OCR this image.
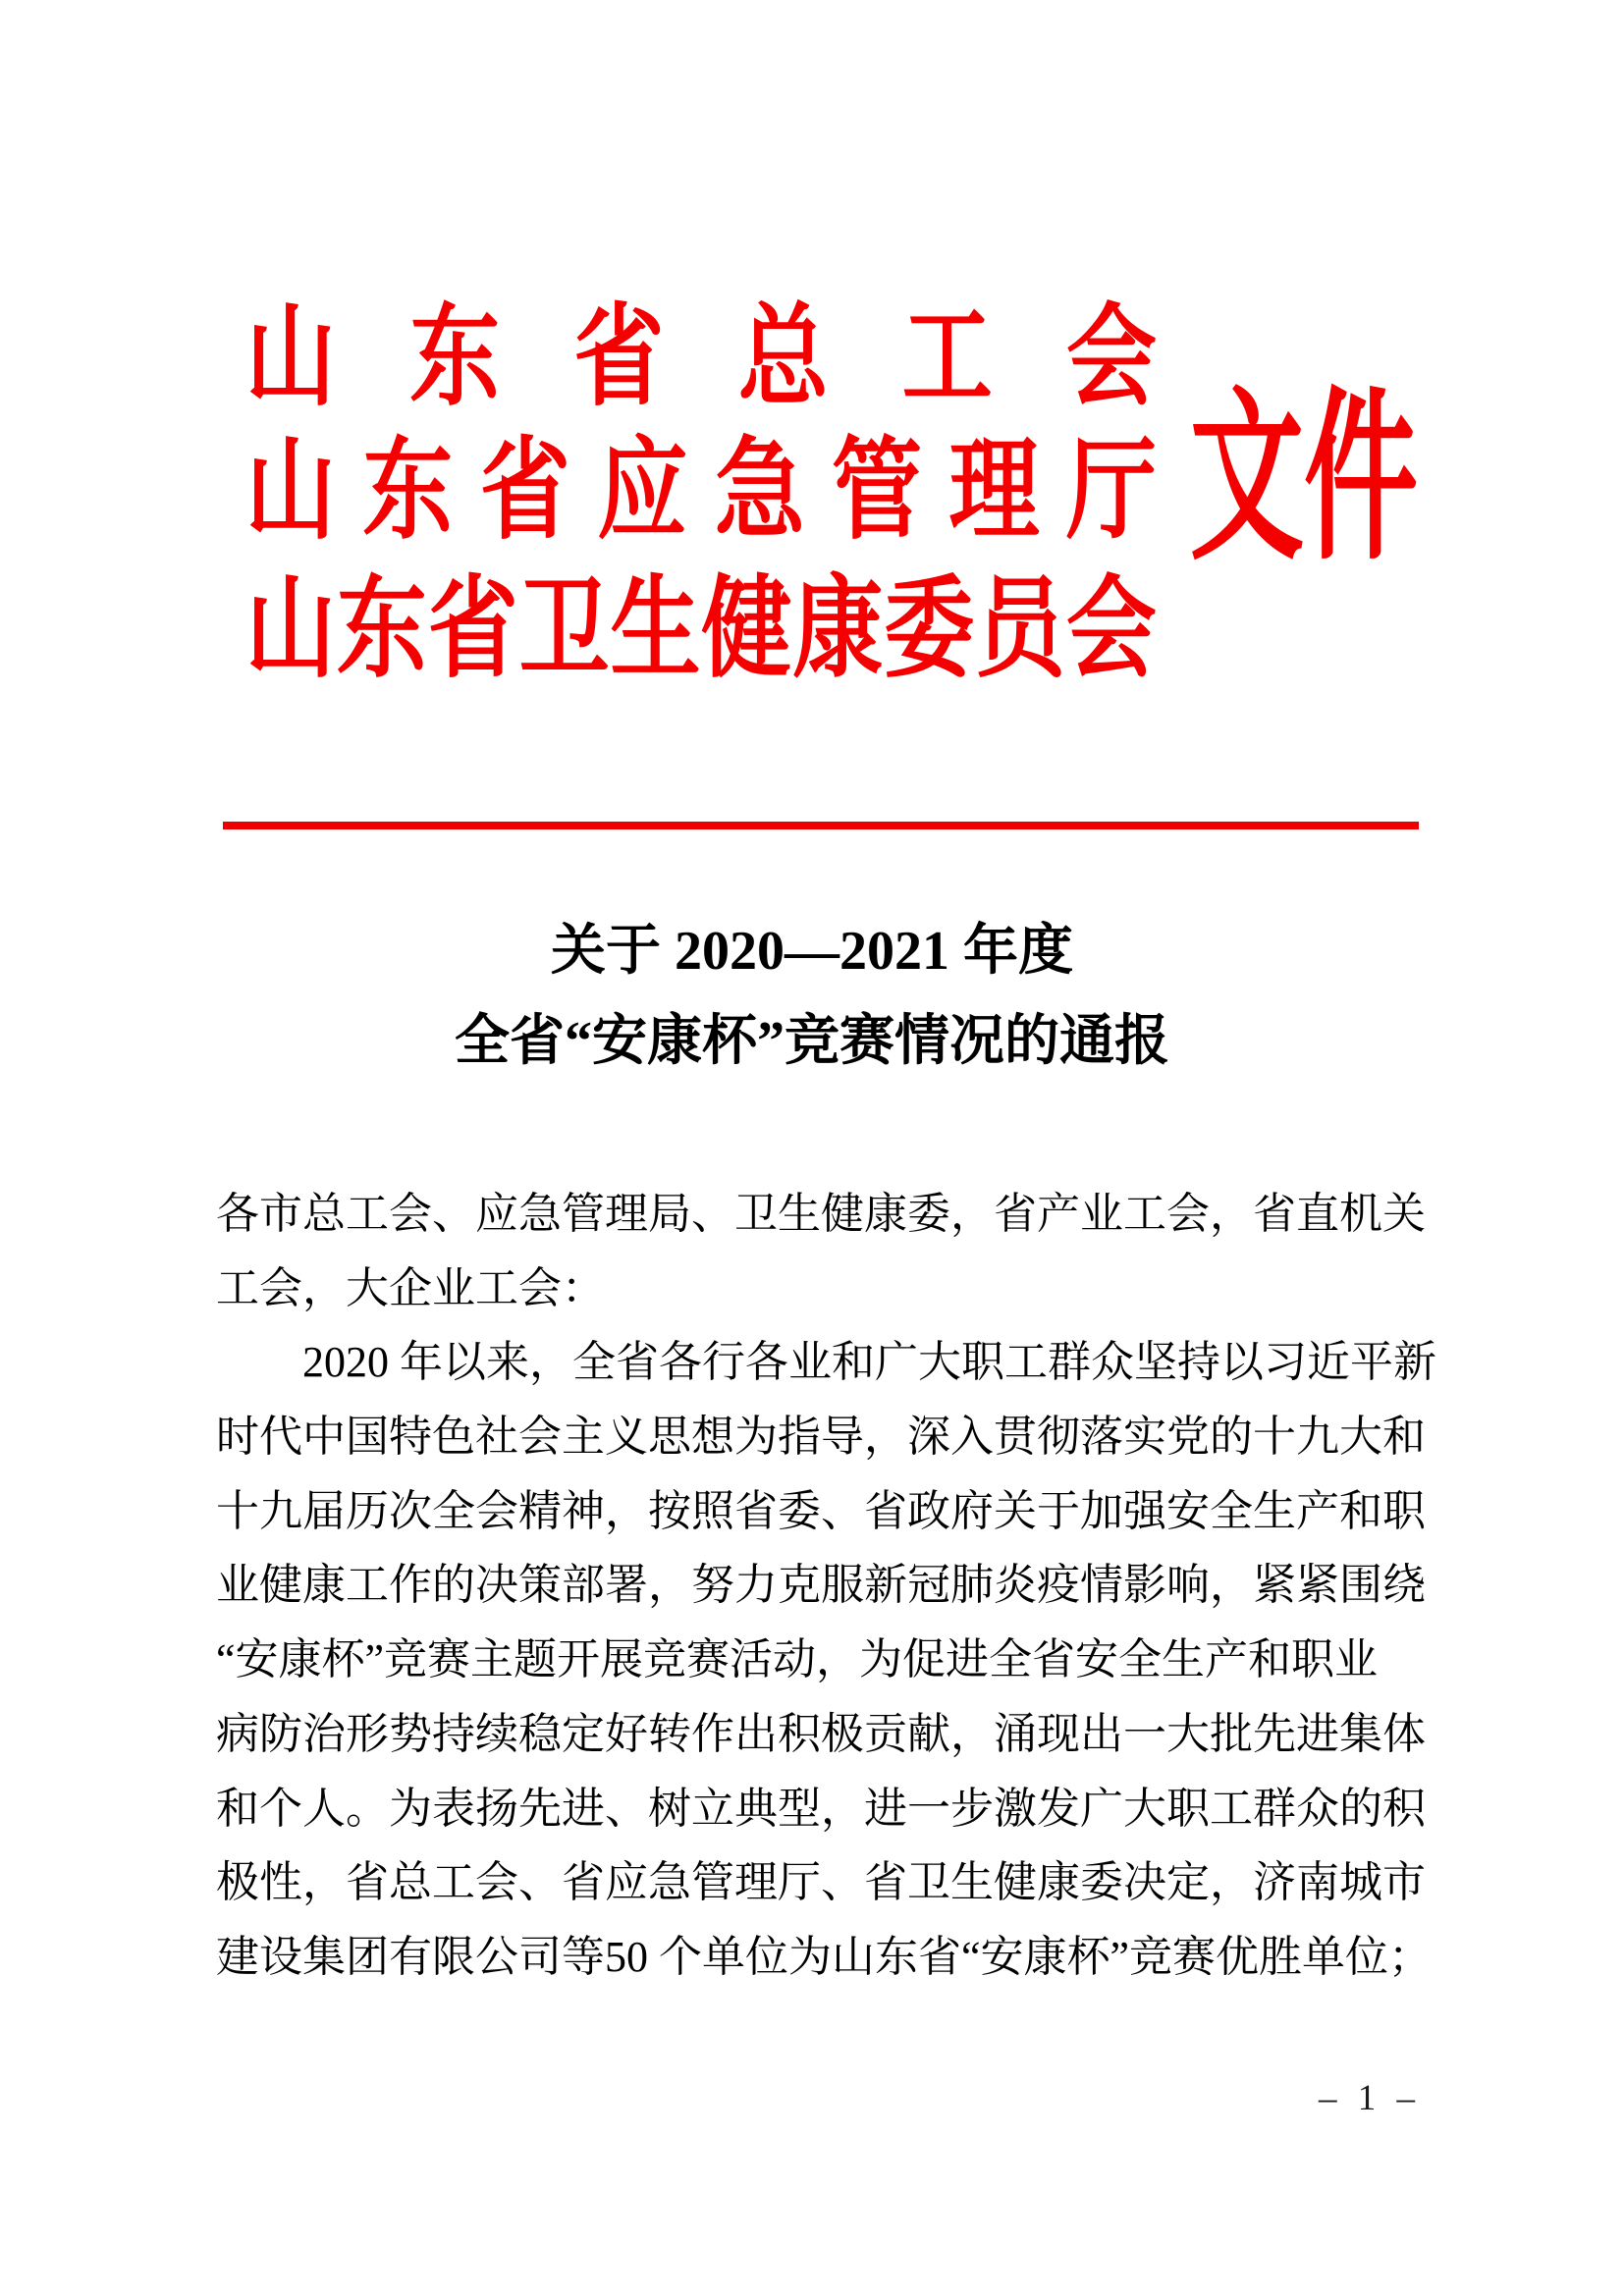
山 东 省 总 工 会
山 东 省 应 急 管 理 厅
山 东 省 卫 生 健 康 委 员 会
文 件
关于 2020—2021 年度
全省“安康杯”竞赛情况的通报
各市总工会、应急管理局、卫生健康委，省产业工会，省直机关
工会，大企业工会：
2020 年以来，全省各行各业和广大职工群众坚持以习近平新
时代中国特色社会主义思想为指导，深入贯彻落实党的十九大和
十九届历次全会精神，按照省委、省政府关于加强安全生产和职
业健康工作的决策部署，努力克服新冠肺炎疫情影响，紧紧围绕
“安康杯”竞赛主题开展竞赛活动，为促进全省安全生产和职业
病防治形势持续稳定好转作出积极贡献，涌现出一大批先进集体
和个人。为表扬先进、树立典型，进一步激发广大职工群众的积
极性，省总工会、省应急管理厅、省卫生健康委决定，济南城市
建设集团有限公司等50 个单位为山东省“安康杯”竞赛优胜单位；
– 1 –
